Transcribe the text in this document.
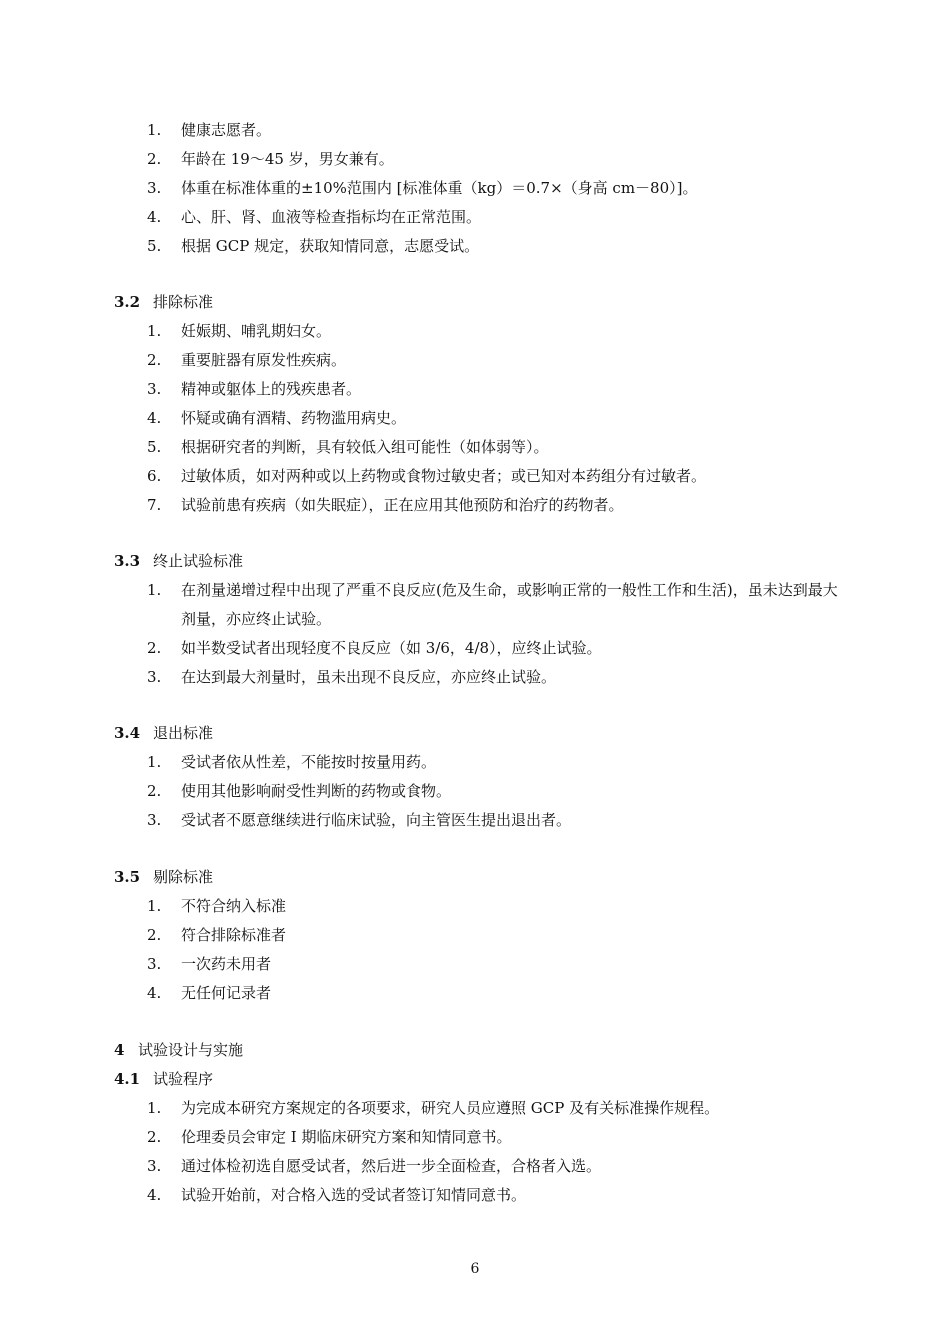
1. 健康志愿者。
2. 年龄在 19～45 岁，男女兼有。
3. 体重在标准体重的±10%范围内 [标准体重（kg）＝0.7×（身高 cm－80）]。
4. 心、肝、肾、血液等检查指标均在正常范围。
5. 根据 GCP 规定，获取知情同意，志愿受试。
3.2 排除标准
1. 妊娠期、哺乳期妇女。
2. 重要脏器有原发性疾病。
3. 精神或躯体上的残疾患者。
4. 怀疑或确有酒精、药物滥用病史。
5. 根据研究者的判断，具有较低入组可能性（如体弱等）。
6. 过敏体质，如对两种或以上药物或食物过敏史者；或已知对本药组分有过敏者。
7. 试验前患有疾病（如失眠症），正在应用其他预防和治疗的药物者。
3.3 终止试验标准
1. 在剂量递增过程中出现了严重不良反应(危及生命，或影响正常的一般性工作和生活)，虽未达到最大剂量，亦应终止试验。
2. 如半数受试者出现轻度不良反应（如 3/6，4/8），应终止试验。
3. 在达到最大剂量时，虽未出现不良反应，亦应终止试验。
3.4 退出标准
1. 受试者依从性差，不能按时按量用药。
2. 使用其他影响耐受性判断的药物或食物。
3. 受试者不愿意继续进行临床试验，向主管医生提出退出者。
3.5 剔除标准
1. 不符合纳入标准
2. 符合排除标准者
3. 一次药未用者
4. 无任何记录者
4 试验设计与实施
4.1 试验程序
1. 为完成本研究方案规定的各项要求，研究人员应遵照 GCP 及有关标准操作规程。
2. 伦理委员会审定 I 期临床研究方案和知情同意书。
3. 通过体检初选自愿受试者，然后进一步全面检查，合格者入选。
4. 试验开始前，对合格入选的受试者签订知情同意书。
6
